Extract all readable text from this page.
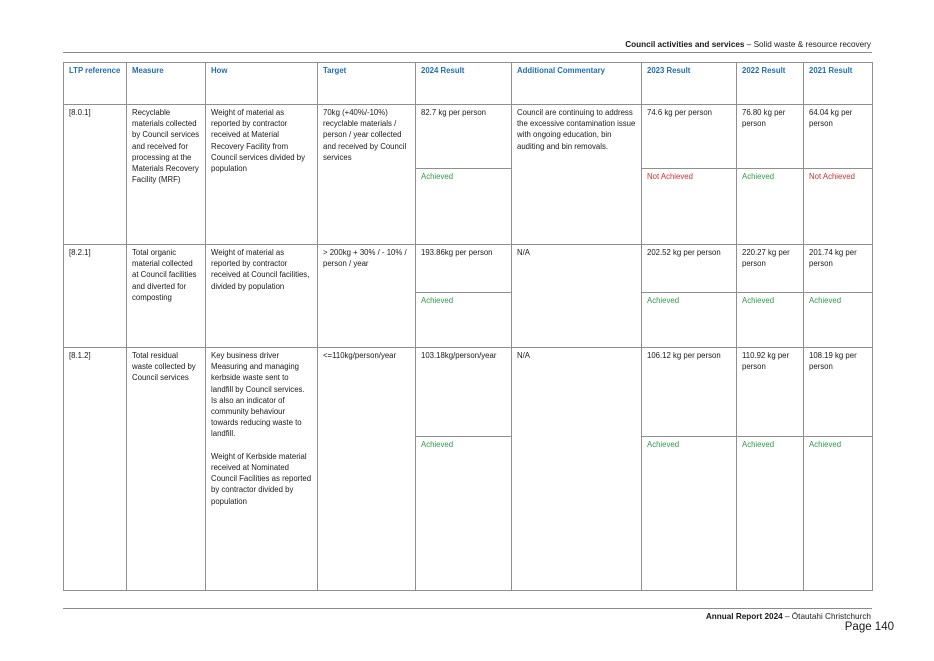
Council activities and services – Solid waste & resource recovery
LTP reference	Measure	How	Target	2024 Result	Additional Commentary	2023 Result	2022 Result	2021 Result
[8.0.1]	Recyclable materials collected by Council services and received for processing at the Materials Recovery Facility (MRF)	Weight of material as reported by contractor received at Material Recovery Facility from Council services divided by population	70kg (+40%/-10%) recyclable materials / person / year collected and received by Council services	82.7 kg per person	Council are continuing to address the excessive contamination issue with ongoing education, bin auditing and bin removals.	74.6 kg per person	76.80 kg per person	64.04 kg per person
				Achieved		Not Achieved	Achieved	Not Achieved
[8.2.1]	Total organic material collected at Council facilities and diverted for composting	Weight of material as reported by contractor received at Council facilities, divided by population	> 200kg + 30% / - 10% / person / year	193.86kg per person	N/A	202.52 kg per person	220.27 kg per person	201.74 kg per person
				Achieved		Achieved	Achieved	Achieved
[8.1.2]	Total residual waste collected by Council services	Key business driver Measuring and managing kerbside waste sent to landfill by Council services. Is also an indicator of community behaviour towards reducing waste to landfill.

Weight of Kerbside material received at Nominated Council Facilities as reported by contractor divided by population	<=110kg/person/year	103.18kg/person/year	N/A	106.12 kg per person	110.92 kg per person	108.19 kg per person
				Achieved		Achieved	Achieved	Achieved
Annual Report 2024 – Ōtautahi Christchurch
Page 140
